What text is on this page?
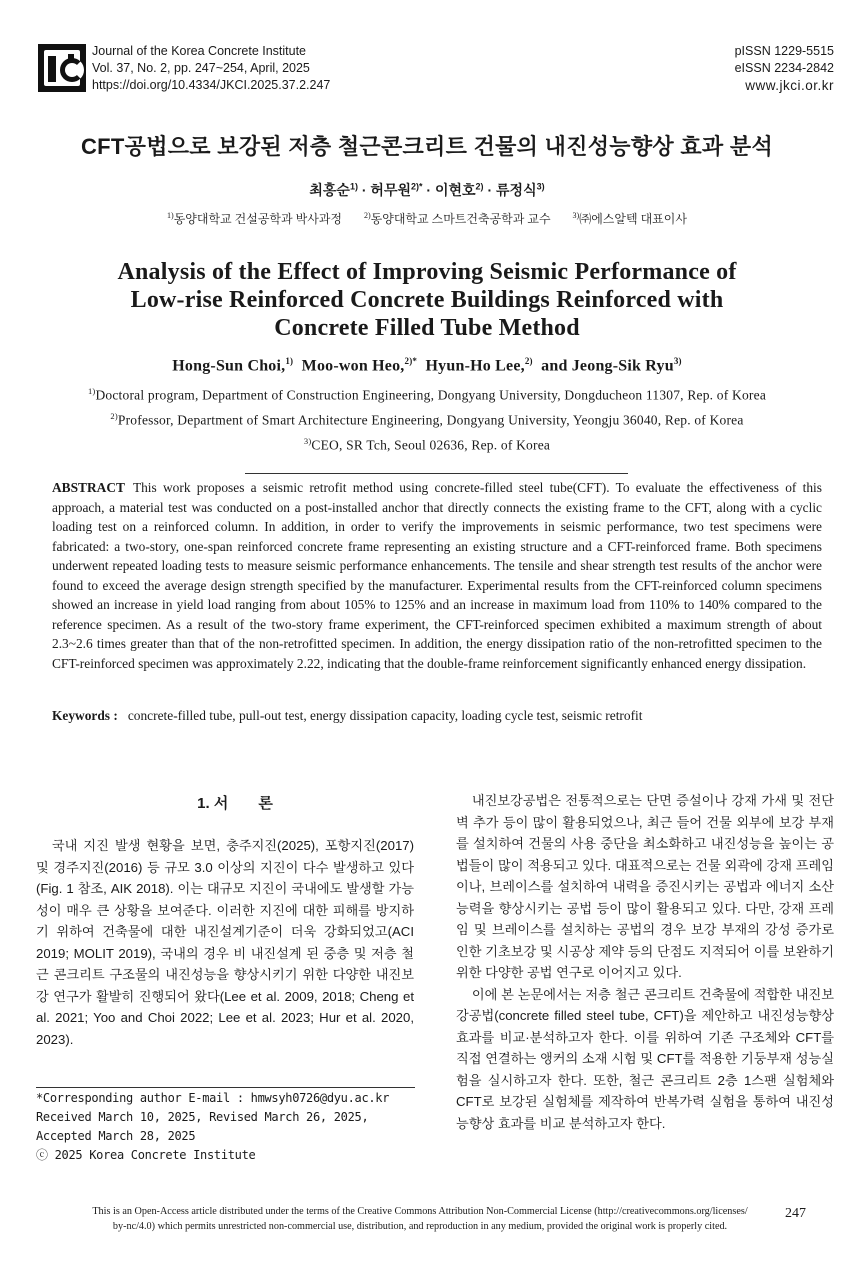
Journal of the Korea Concrete Institute
Vol. 37, No. 2, pp. 247~254, April, 2025
https://doi.org/10.4334/JKCI.2025.37.2.247
pISSN 1229-5515
eISSN 2234-2842
www.jkci.or.kr
CFT공법으로 보강된 저층 철근콘크리트 건물의 내진성능향상 효과 분석
최홍순$^{1)}$ · 허무원$^{2)*}$ · 이현호$^{2)}$ · 류정식$^{3)}$
$^{1)}$동양대학교 건설공학과 박사과정	$^{2)}$동양대학교 스마트건축공학과 교수	$^{3)}$㈜에스알텍 대표이사
Analysis of the Effect of Improving Seismic Performance of
Low-rise Reinforced Concrete Buildings Reinforced with
Concrete Filled Tube Method
Hong-Sun Choi,$^{1)}$ Moo-won Heo,$^{2)*}$ Hyun-Ho Lee,$^{2)}$ and Jeong-Sik Ryu$^{3)}$
$^{1)}$Doctoral program, Department of Construction Engineering, Dongyang University, Dongducheon 11307, Rep. of Korea
$^{2)}$Professor, Department of Smart Architecture Engineering, Dongyang University, Yeongju 36040, Rep. of Korea
$^{3)}$CEO, SR Tch, Seoul 02636, Rep. of Korea
ABSTRACT This work proposes a seismic retrofit method using concrete-filled steel tube(CFT). To evaluate the effectiveness of this approach, a material test was conducted on a post-installed anchor that directly connects the existing frame to the CFT, along with a cyclic loading test on a reinforced column. In addition, in order to verify the improvements in seismic performance, two test specimens were fabricated: a two-story, one-span reinforced concrete frame representing an existing structure and a CFT-reinforced frame. Both specimens underwent repeated loading tests to measure seismic performance enhancements. The tensile and shear strength test results of the anchor were found to exceed the average design strength specified by the manufacturer. Experimental results from the CFT-reinforced column specimens showed an increase in yield load ranging from about 105% to 125% and an increase in maximum load from 110% to 140% compared to the reference specimen. As a result of the two-story frame experiment, the CFT-reinforced specimen exhibited a maximum strength of about 2.3~2.6 times greater than that of the non-retrofitted specimen. In addition, the energy dissipation ratio of the non-retrofitted specimen to the CFT-reinforced specimen was approximately 2.22, indicating that the double-frame reinforcement significantly enhanced energy dissipation.
Keywords : concrete-filled tube, pull-out test, energy dissipation capacity, loading cycle test, seismic retrofit
1. 서　　론

국내 지진 발생 현황을 보면, 충주지진(2025), 포항지진(2017) 및 경주지진(2016) 등 규모 3.0 이상의 지진이 다수 발생하고 있다(Fig. 1 참조, AIK 2018). 이는 대규모 지진이 국내에도 발생할 가능성이 매우 큰 상황을 보여준다. 이러한 지진에 대한 피해를 방지하기 위하여 건축물에 대한 내진설계기준이 더욱 강화되었고(ACI 2019; MOLIT 2019), 국내의 경우 비 내진설계 된 중층 및 저층 철근 콘크리트 구조물의 내진성능을 향상시키기 위한 다양한 내진보강 연구가 활발히 진행되어 왔다(Lee et al. 2009, 2018; Cheng et al. 2021; Yoo and Choi 2022; Lee et al. 2023; Hur et al. 2020, 2023).

내진보강공법은 전통적으로는 단면 증설이나 강재 가새 및 전단벽 추가 등이 많이 활용되었으나, 최근 들어 건물 외부에 보강 부재를 설치하여 건물의 사용 중단을 최소화하고 내진성능을 높이는 공법들이 많이 적용되고 있다. 대표적으로는 건물 외곽에 강재 프레임이나, 브레이스를 설치하여 내력을 증진시키는 공법과 에너지 소산 능력을 향상시키는 공법 등이 많이 활용되고 있다. 다만, 강재 프레임 및 브레이스를 설치하는 공법의 경우 보강 부재의 강성 증가로 인한 기초보강 및 시공상 제약 등의 단점도 지적되어 이를 보완하기 위한 다양한 공법 연구로 이어지고 있다.

이에 본 논문에서는 저층 철근 콘크리트 건축물에 적합한 내진보강공법(concrete filled steel tube, CFT)을 제안하고 내진성능향상 효과를 비교·분석하고자 한다. 이를 위하여 기존 구조체와 CFT를 직접 연결하는 앵커의 소재 시험 및 CFT를 적용한 기둥부재 성능실험을 실시하고자 한다. 또한, 철근 콘크리트 2층 1스팬 실험체와 CFT로 보강된 실험체를 제작하여 반복가력 실험을 통하여 내진성능향상 효과를 비교 분석하고자 한다.

*Corresponding author E-mail : hmwsyh0726@dyu.ac.kr
Received March 10, 2025, Revised March 26, 2025,
Accepted March 28, 2025
ⓒ 2025 Korea Concrete Institute
This is an Open-Access article distributed under the terms of the Creative Commons Attribution Non-Commercial License (http://creativecommons.org/licenses/
by-nc/4.0) which permits unrestricted non-commercial use, distribution, and reproduction in any medium, provided the original work is properly cited.
247
